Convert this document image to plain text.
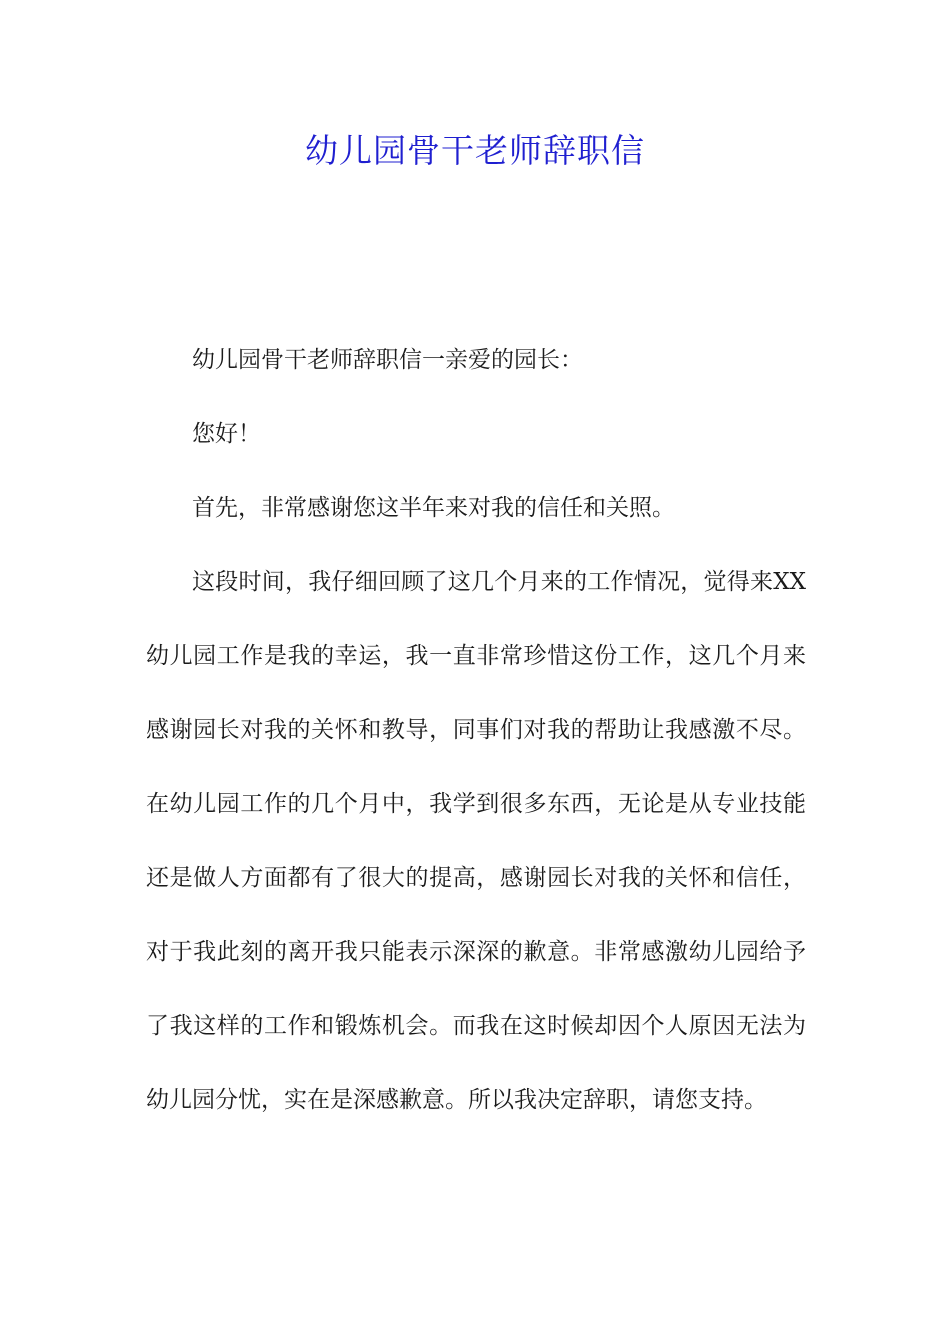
幼儿园骨干老师辞职信

幼儿园骨干老师辞职信一亲爱的园长：

您好！

首先，非常感谢您这半年来对我的信任和关照。

这段时间，我仔细回顾了这几个月来的工作情况，觉得来XX幼儿园工作是我的幸运，我一直非常珍惜这份工作，这几个月来感谢园长对我的关怀和教导，同事们对我的帮助让我感激不尽。在幼儿园工作的几个月中，我学到很多东西，无论是从专业技能还是做人方面都有了很大的提高，感谢园长对我的关怀和信任，对于我此刻的离开我只能表示深深的歉意。非常感激幼儿园给予了我这样的工作和锻炼机会。而我在这时候却因个人原因无法为幼儿园分忧，实在是深感歉意。所以我决定辞职，请您支持。
